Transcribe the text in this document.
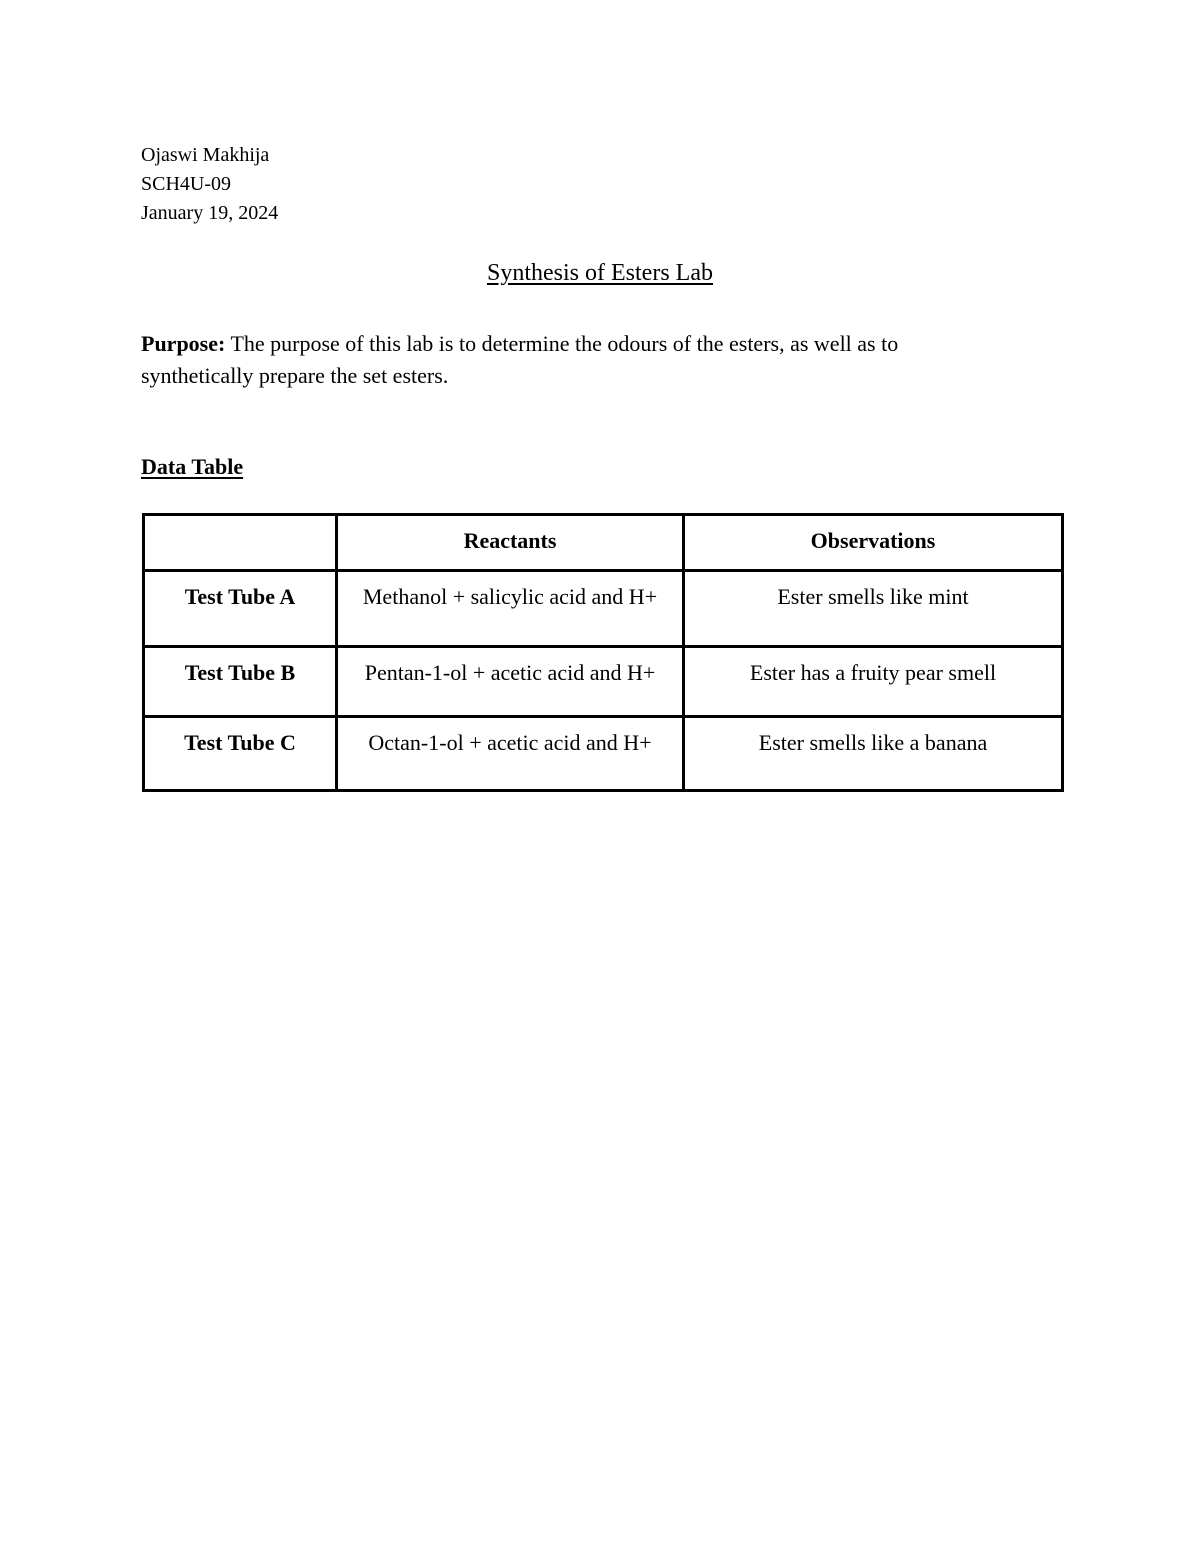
Ojaswi Makhija
SCH4U-09
January 19, 2024
Synthesis of Esters Lab
Purpose: The purpose of this lab is to determine the odours of the esters, as well as to synthetically prepare the set esters.
Data Table
	Reactants	Observations
Test Tube A	Methanol + salicylic acid and H+	Ester smells like mint
Test Tube B	Pentan-1-ol + acetic acid and H+	Ester has a fruity pear smell
Test Tube C	Octan-1-ol + acetic acid and H+	Ester smells like a banana
